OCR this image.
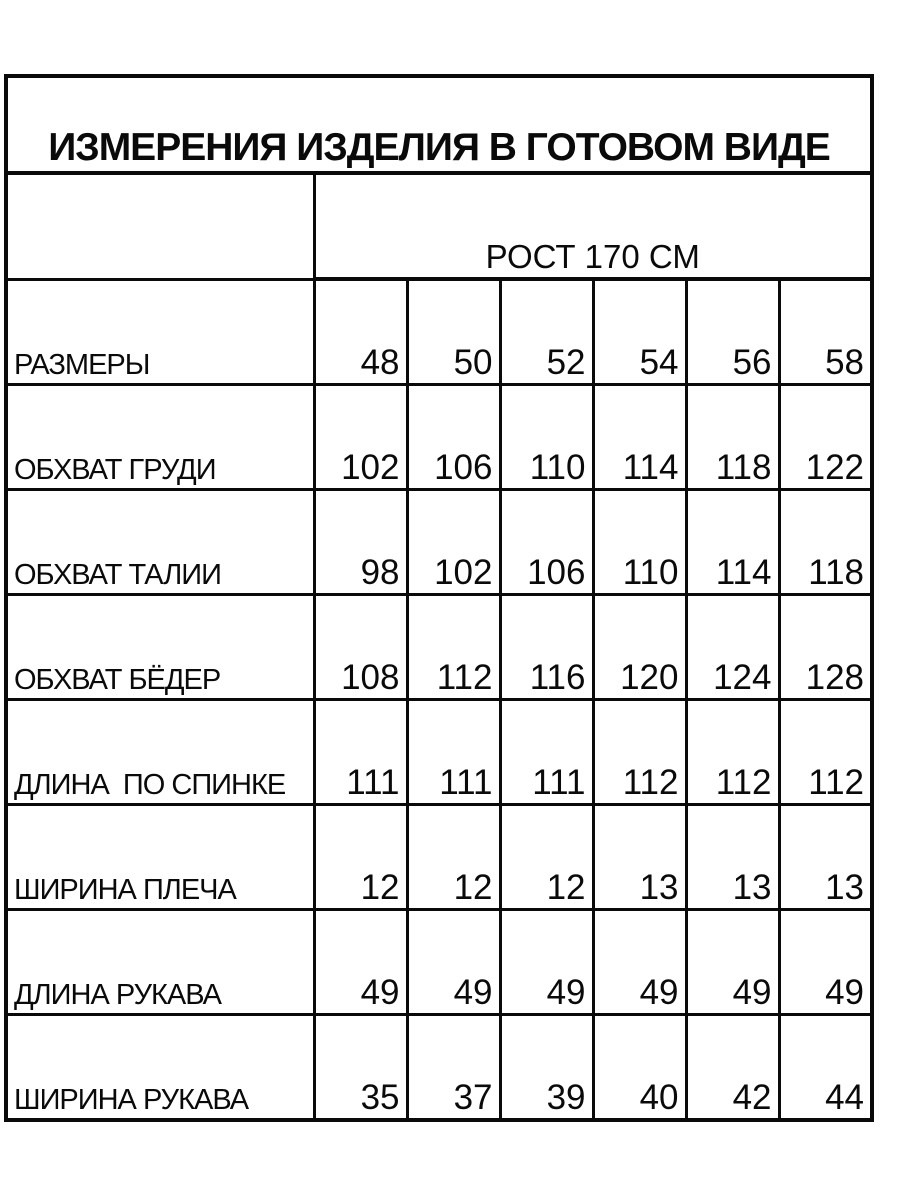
ИЗМЕРЕНИЯ ИЗДЕЛИЯ В ГОТОВОМ ВИДЕ						
	РОСТ 170 СМ					
РАЗМЕРЫ	48	50	52	54	56	58
ОБХВАТ ГРУДИ	102	106	110	114	118	122
ОБХВАТ ТАЛИИ	98	102	106	110	114	118
ОБХВАТ БЁДЕР	108	112	116	120	124	128
ДЛИНА  ПО СПИНКЕ	111	111	111	112	112	112
ШИРИНА ПЛЕЧА	12	12	12	13	13	13
ДЛИНА РУКАВА	49	49	49	49	49	49
ШИРИНА РУКАВА	35	37	39	40	42	44
